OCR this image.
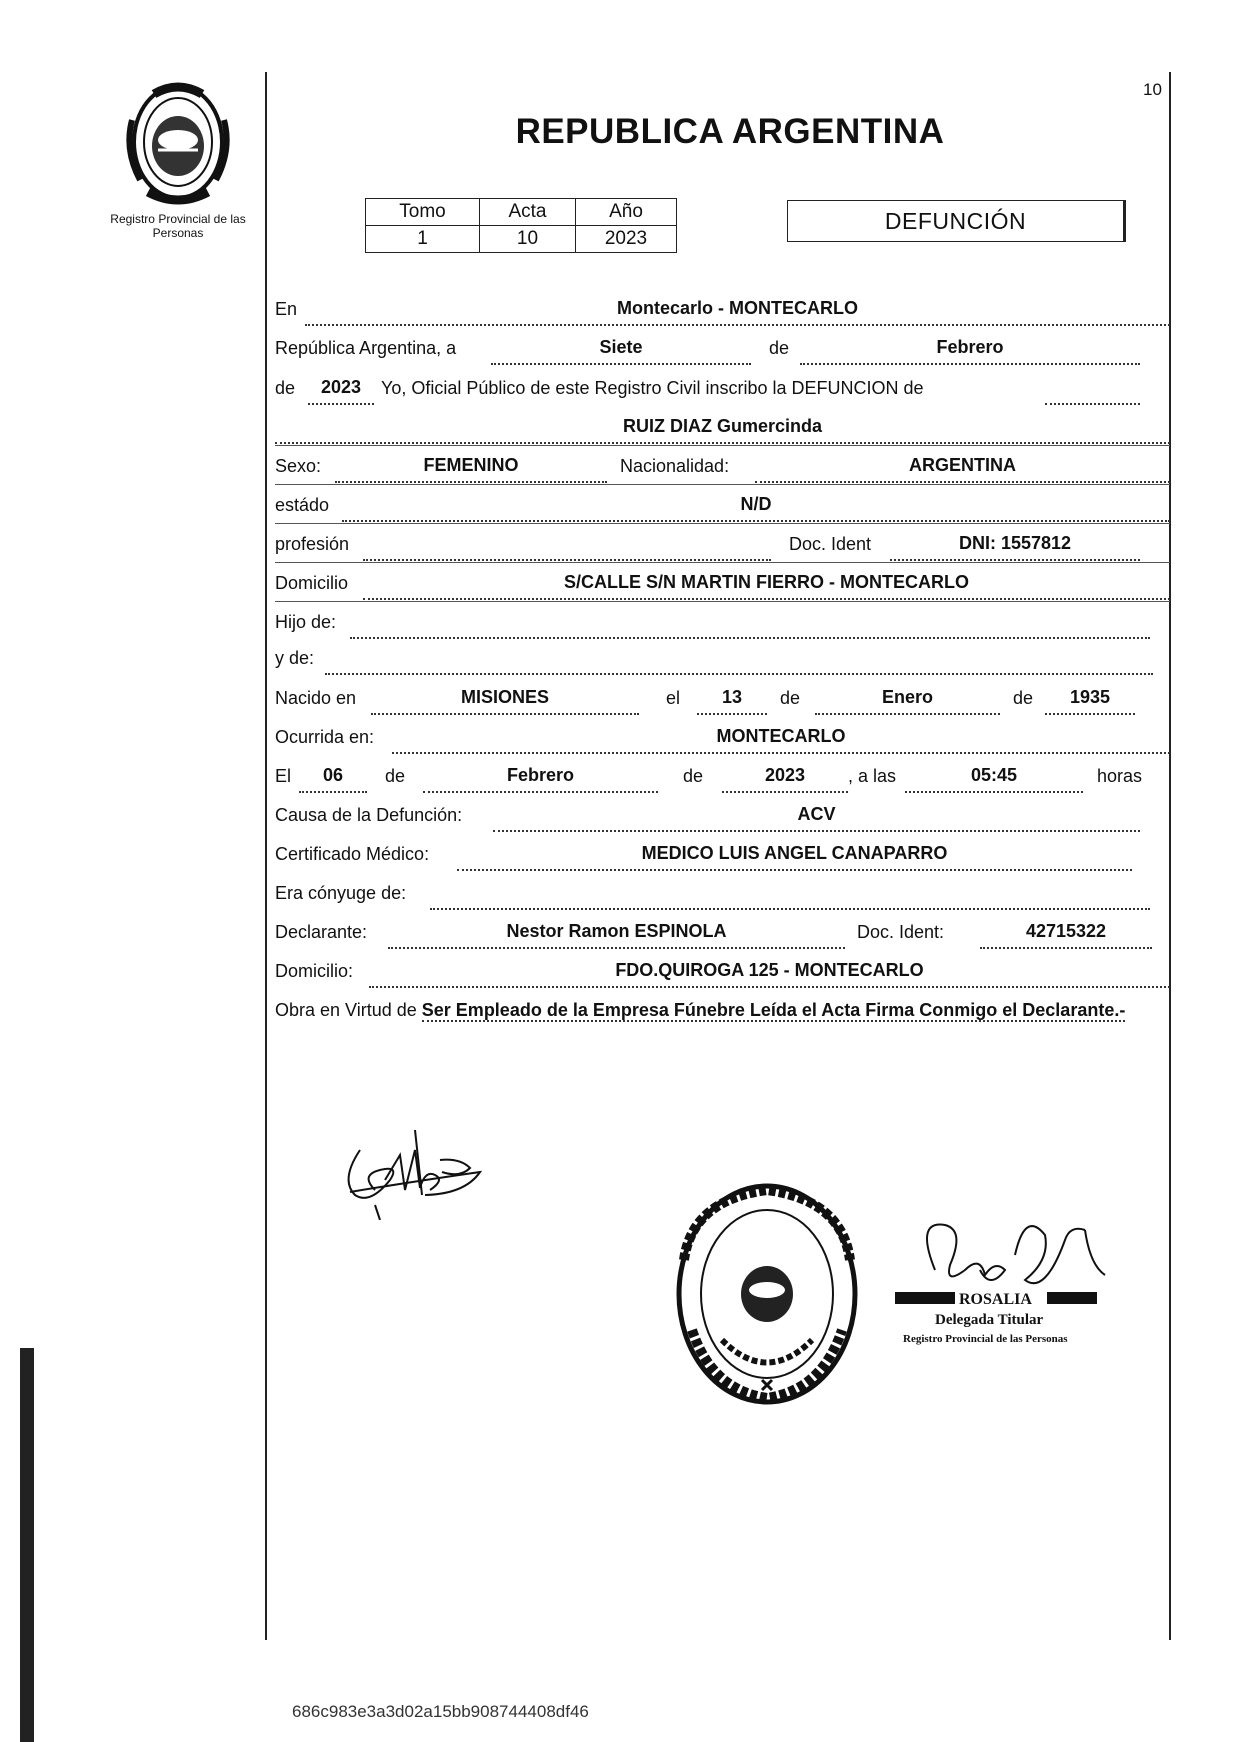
Registro Provincial de las Personas
10
REPUBLICA ARGENTINA
Tomo	Acta	Año
1	10	2023
DEFUNCIÓN
En	Montecarlo - MONTECARLO
República Argentina, a	Siete	de	Febrero
de	2023	Yo, Oficial Público de este Registro Civil inscribo la DEFUNCION de
RUIZ DIAZ Gumercinda
Sexo:	FEMENINO	Nacionalidad:	ARGENTINA
estádo	N/D
profesión	Doc. Ident	DNI: 1557812
Domicilio	S/CALLE S/N MARTIN FIERRO - MONTECARLO
Hijo de:
y de:
Nacido en	MISIONES	el	13	de	Enero	de	1935
Ocurrida en:	MONTECARLO
El	06	de	Febrero	de	2023	, a las	05:45	horas
Causa de la Defunción:	ACV
Certificado Médico:	MEDICO LUIS ANGEL CANAPARRO
Era cónyuge de:
Declarante:	Nestor Ramon ESPINOLA	Doc. Ident:	42715322
Domicilio:	FDO.QUIROGA 125 - MONTECARLO
Obra en Virtud de Ser Empleado de la Empresa Fúnebre Leída el Acta Firma Conmigo el Declarante.-
ROSALIA
Delegada Titular
Registro Provincial de las Personas
686c983e3a3d02a15bb908744408df46
